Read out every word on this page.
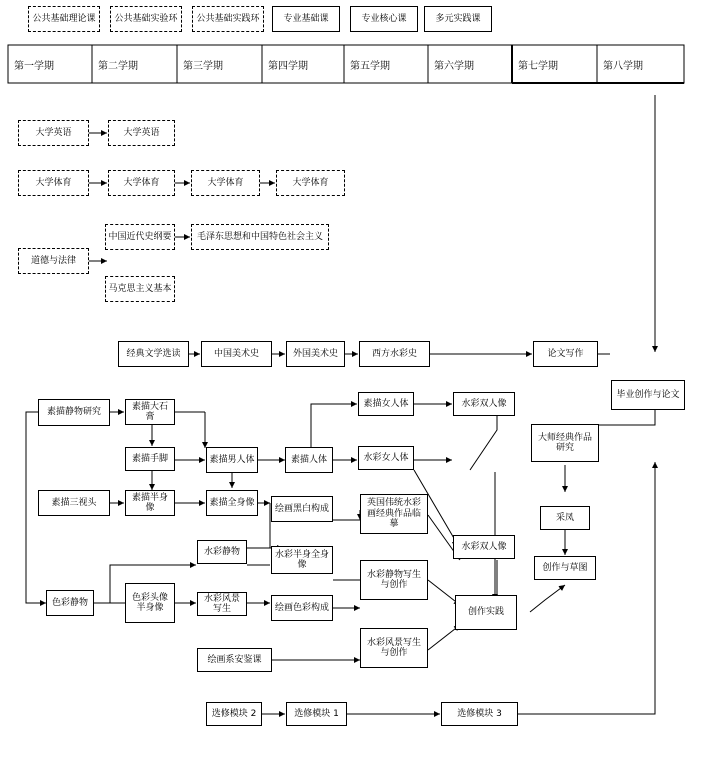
公共基础理论课 公共基础实验环 公共基础实践环	专业基础课	专业核心课	多元实践课
第一学期	第二学期	第三学期	第四学期	第五学期	第六学期	第七学期	第八学期
大学英语	大学英语
大学体育	大学体育	大学体育	大学体育
道德与法律
中国近代史纲要
马克思主义基本
毛泽东思想和中国特色社会主义
经典文学选读	中国美术史	外国美术史	西方水彩史	论文写作
毕业创作与论文
素描静物研究
素描大石膏
素描手脚
素描三视头
素描半身像
素描男人体
素描全身像
素描人体
素描女人体
色彩静物
色彩头像半身像
水彩静物	水彩半身全身像
水彩风景写生
绘画黑白构成
绘画色彩构成
英国伟统水彩画经典作品临摹
水彩女人体
水彩双人像
水彩双人像
水彩静物写生与创作
水彩风景写生与创作
绘画系安鉴课
大师经典作品研究
采凤
创作与草图
创作实践
选修模块 2	选修模块 1	选修模块 3
